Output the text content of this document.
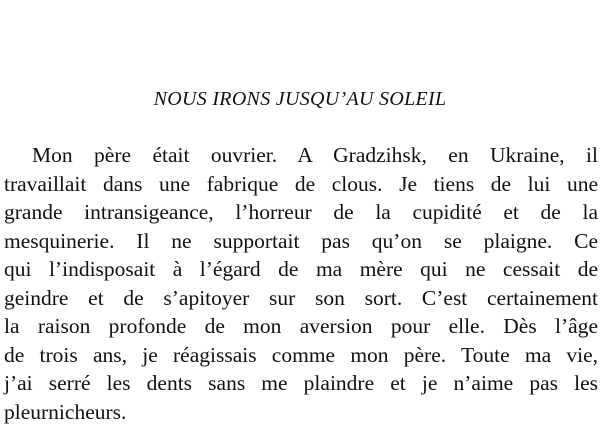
NOUS IRONS JUSQU’AU SOLEIL
Mon père était ouvrier. A Gradzihsk, en Ukraine, il
travaillait dans une fabrique de clous. Je tiens de lui une
grande intransigeance, l’horreur de la cupidité et de la
mesquinerie. Il ne supportait pas qu’on se plaigne. Ce
qui l’indisposait à l’égard de ma mère qui ne cessait de
geindre et de s’apitoyer sur son sort. C’est certainement
la raison profonde de mon aversion pour elle. Dès l’âge
de trois ans, je réagissais comme mon père. Toute ma vie,
j’ai serré les dents sans me plaindre et je n’aime pas les
pleurnicheurs.
